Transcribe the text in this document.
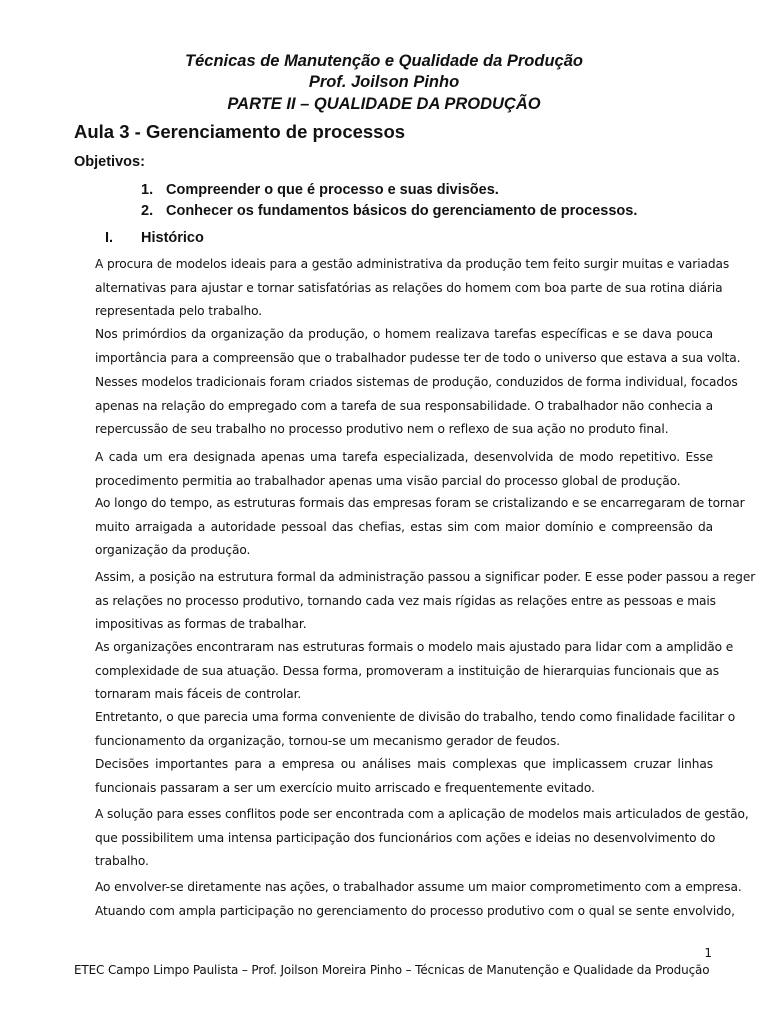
Técnicas de Manutenção e Qualidade da Produção
Prof. Joilson Pinho
PARTE II – QUALIDADE DA PRODUÇÃO
Aula 3 - Gerenciamento de processos
Objetivos:
1. Compreender o que é processo e suas divisões.
2. Conhecer os fundamentos básicos do gerenciamento de processos.
I. Histórico
A procura de modelos ideais para a gestão administrativa da produção tem feito surgir muitas e variadas
alternativas para ajustar e tornar satisfatórias as relações do homem com boa parte de sua rotina diária
representada pelo trabalho.
Nos primórdios da organização da produção, o homem realizava tarefas específicas e se dava pouca
importância para a compreensão que o trabalhador pudesse ter de todo o universo que estava a sua volta.
Nesses modelos tradicionais foram criados sistemas de produção, conduzidos de forma individual, focados
apenas na relação do empregado com a tarefa de sua responsabilidade. O trabalhador não conhecia a
repercussão de seu trabalho no processo produtivo nem o reflexo de sua ação no produto final.
A cada um era designada apenas uma tarefa especializada, desenvolvida de modo repetitivo. Esse
procedimento permitia ao trabalhador apenas uma visão parcial do processo global de produção.
Ao longo do tempo, as estruturas formais das empresas foram se cristalizando e se encarregaram de tornar
muito arraigada a autoridade pessoal das chefias, estas sim com maior domínio e compreensão da
organização da produção.
Assim, a posição na estrutura formal da administração passou a significar poder. E esse poder passou a reger
as relações no processo produtivo, tornando cada vez mais rígidas as relações entre as pessoas e mais
impositivas as formas de trabalhar.
As organizações encontraram nas estruturas formais o modelo mais ajustado para lidar com a amplidão e
complexidade de sua atuação. Dessa forma, promoveram a instituição de hierarquias funcionais que as
tornaram mais fáceis de controlar.
Entretanto, o que parecia uma forma conveniente de divisão do trabalho, tendo como finalidade facilitar o
funcionamento da organização, tornou-se um mecanismo gerador de feudos.
Decisões importantes para a empresa ou análises mais complexas que implicassem cruzar linhas
funcionais passaram a ser um exercício muito arriscado e frequentemente evitado.
A solução para esses conflitos pode ser encontrada com a aplicação de modelos mais articulados de gestão,
que possibilitem uma intensa participação dos funcionários com ações e ideias no desenvolvimento do
trabalho.
Ao envolver-se diretamente nas ações, o trabalhador assume um maior comprometimento com a empresa.
Atuando com ampla participação no gerenciamento do processo produtivo com o qual se sente envolvido,
1
ETEC Campo Limpo Paulista – Prof. Joilson Moreira Pinho – Técnicas de Manutenção e Qualidade da Produção
